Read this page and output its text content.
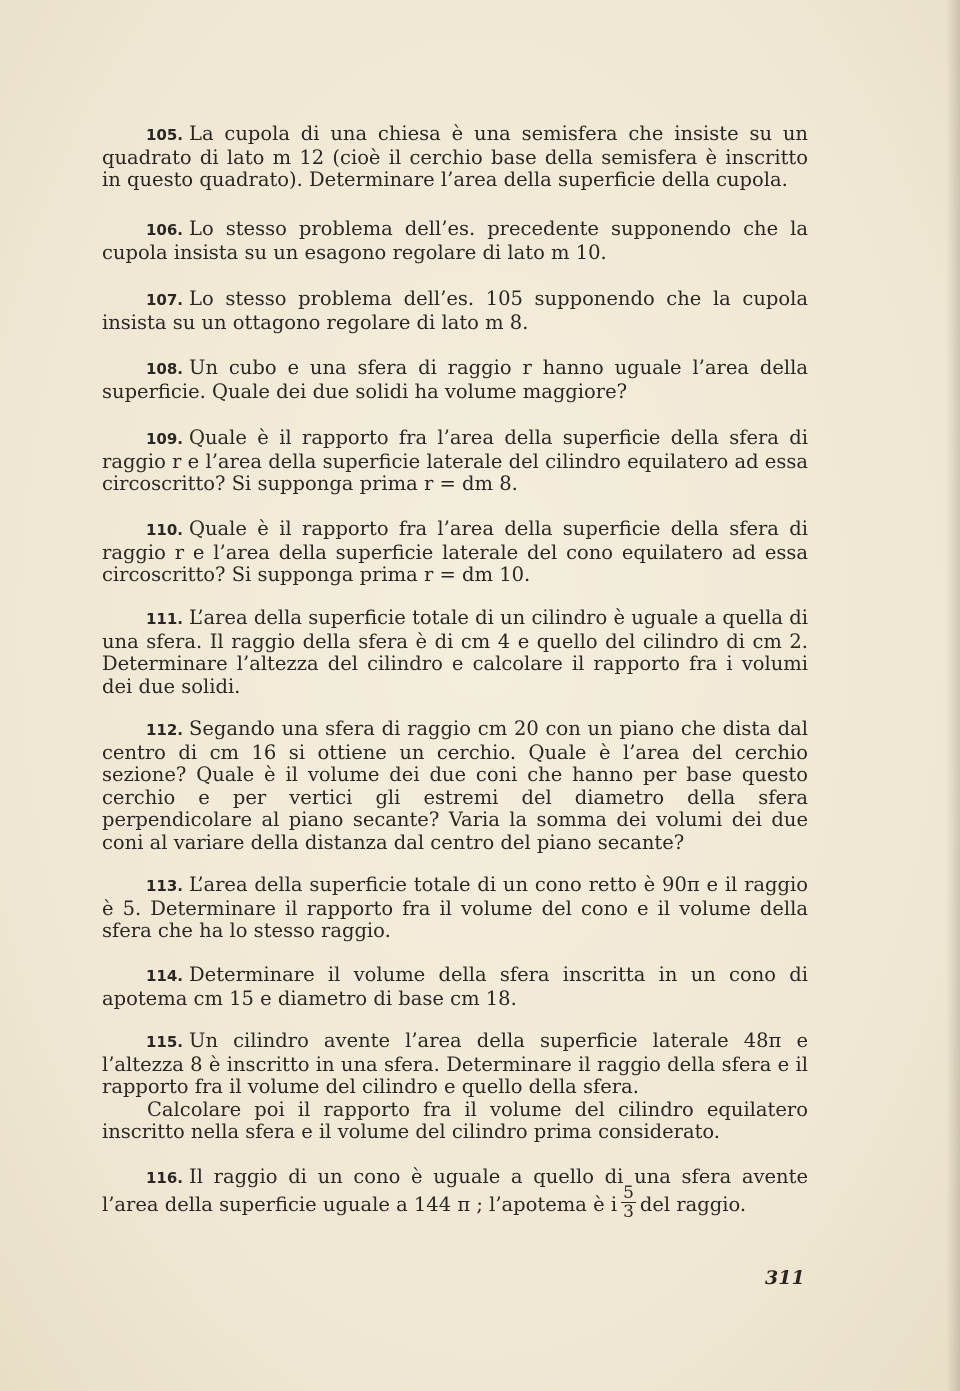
105. La cupola di una chiesa è una semisfera che insiste su un quadrato di lato m 12 (cioè il cerchio base della semisfera è inscritto in questo quadrato). Determinare l’area della superficie della cupola.

106. Lo stesso problema dell’es. precedente supponendo che la cupola insista su un esagono regolare di lato m 10.

107. Lo stesso problema dell’es. 105 supponendo che la cupola insista su un ottagono regolare di lato m 8.

108. Un cubo e una sfera di raggio r hanno uguale l’area della superficie. Quale dei due solidi ha volume maggiore?

109. Quale è il rapporto fra l’area della superficie della sfera di raggio r e l’area della superficie laterale del cilindro equilatero ad essa circoscritto? Si supponga prima r = dm 8.

110. Quale è il rapporto fra l’area della superficie della sfera di raggio r e l’area della superficie laterale del cono equilatero ad essa circoscritto? Si supponga prima r = dm 10.

111. L’area della superficie totale di un cilindro è uguale a quella di una sfera. Il raggio della sfera è di cm 4 e quello del cilindro di cm 2. Determinare l’altezza del cilindro e calcolare il rapporto fra i volumi dei due solidi.

112. Segando una sfera di raggio cm 20 con un piano che dista dal centro di cm 16 si ottiene un cerchio. Quale è l’area del cerchio sezione? Quale è il volume dei due coni che hanno per base questo cerchio e per vertici gli estremi del diametro della sfera perpendicolare al piano secante? Varia la somma dei volumi dei due coni al variare della distanza dal centro del piano secante?

113. L’area della superficie totale di un cono retto è 90π e il raggio è 5. Determinare il rapporto fra il volume del cono e il volume della sfera che ha lo stesso raggio.

114. Determinare il volume della sfera inscritta in un cono di apotema cm 15 e diametro di base cm 18.

115. Un cilindro avente l’area della superficie laterale 48π e l’altezza 8 è inscritto in una sfera. Determinare il raggio della sfera e il rapporto fra il volume del cilindro e quello della sfera.

Calcolare poi il rapporto fra il volume del cilindro equilatero inscritto nella sfera e il volume del cilindro prima considerato.

116. Il raggio di un cono è uguale a quello di una sfera avente l’area della superficie uguale a 144 π ; l’apotema è i $\frac{5}{3}$ del raggio.

311
